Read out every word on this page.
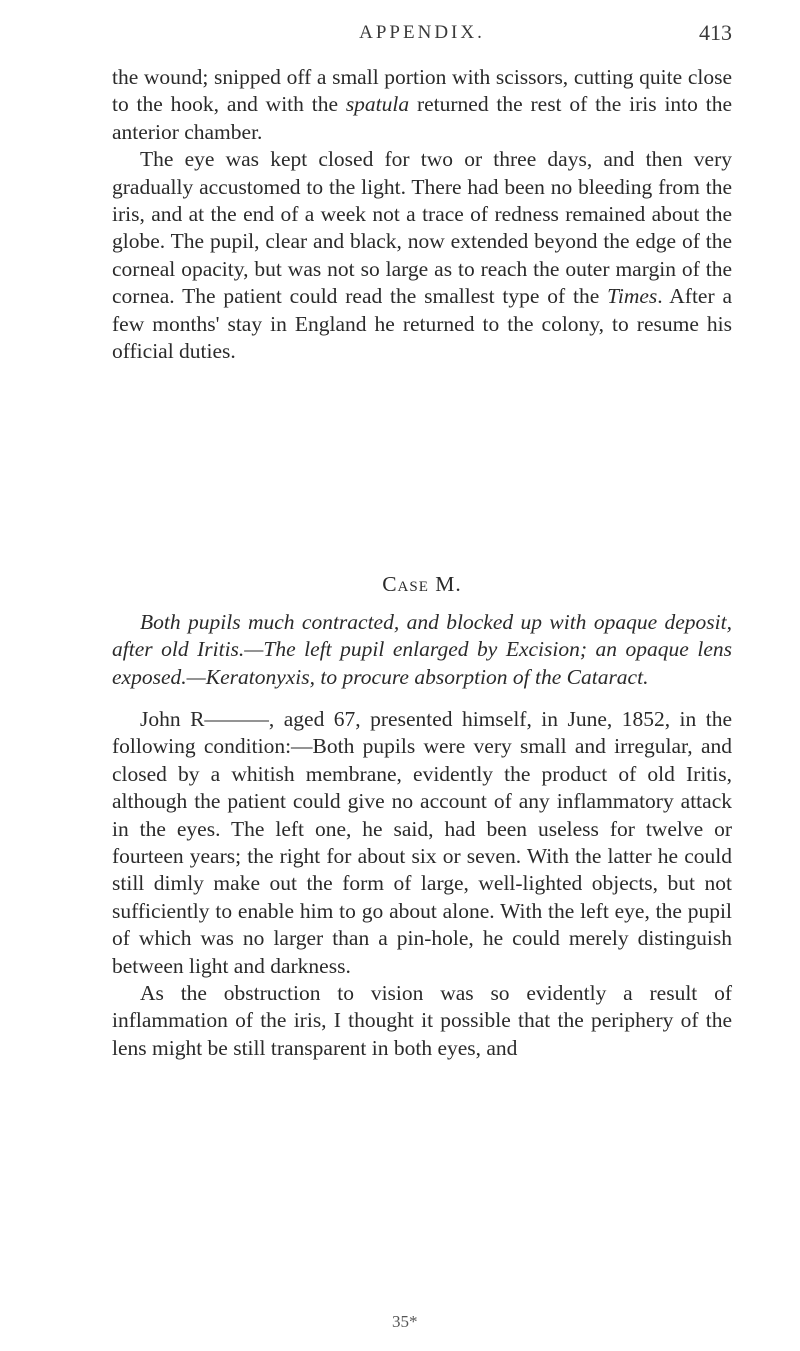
APPENDIX.	413

the wound; snipped off a small portion with scissors, cutting quite close to the hook, and with the spatula returned the rest of the iris into the anterior chamber.

The eye was kept closed for two or three days, and then very gradually accustomed to the light. There had been no bleeding from the iris, and at the end of a week not a trace of redness remained about the globe. The pupil, clear and black, now extended beyond the edge of the corneal opacity, but was not so large as to reach the outer margin of the cornea. The patient could read the smallest type of the Times. After a few months' stay in England he returned to the colony, to resume his official duties.

Case M.

Both pupils much contracted, and blocked up with opaque deposit, after old Iritis.—The left pupil enlarged by Excision; an opaque lens exposed.—Keratonyxis, to procure absorption of the Cataract.

John R———, aged 67, presented himself, in June, 1852, in the following condition:—Both pupils were very small and irregular, and closed by a whitish membrane, evidently the product of old Iritis, although the patient could give no account of any inflammatory attack in the eyes. The left one, he said, had been useless for twelve or fourteen years; the right for about six or seven. With the latter he could still dimly make out the form of large, well-lighted objects, but not sufficiently to enable him to go about alone. With the left eye, the pupil of which was no larger than a pin-hole, he could merely distinguish between light and darkness.

As the obstruction to vision was so evidently a result of inflammation of the iris, I thought it possible that the periphery of the lens might be still transparent in both eyes, and

35*
